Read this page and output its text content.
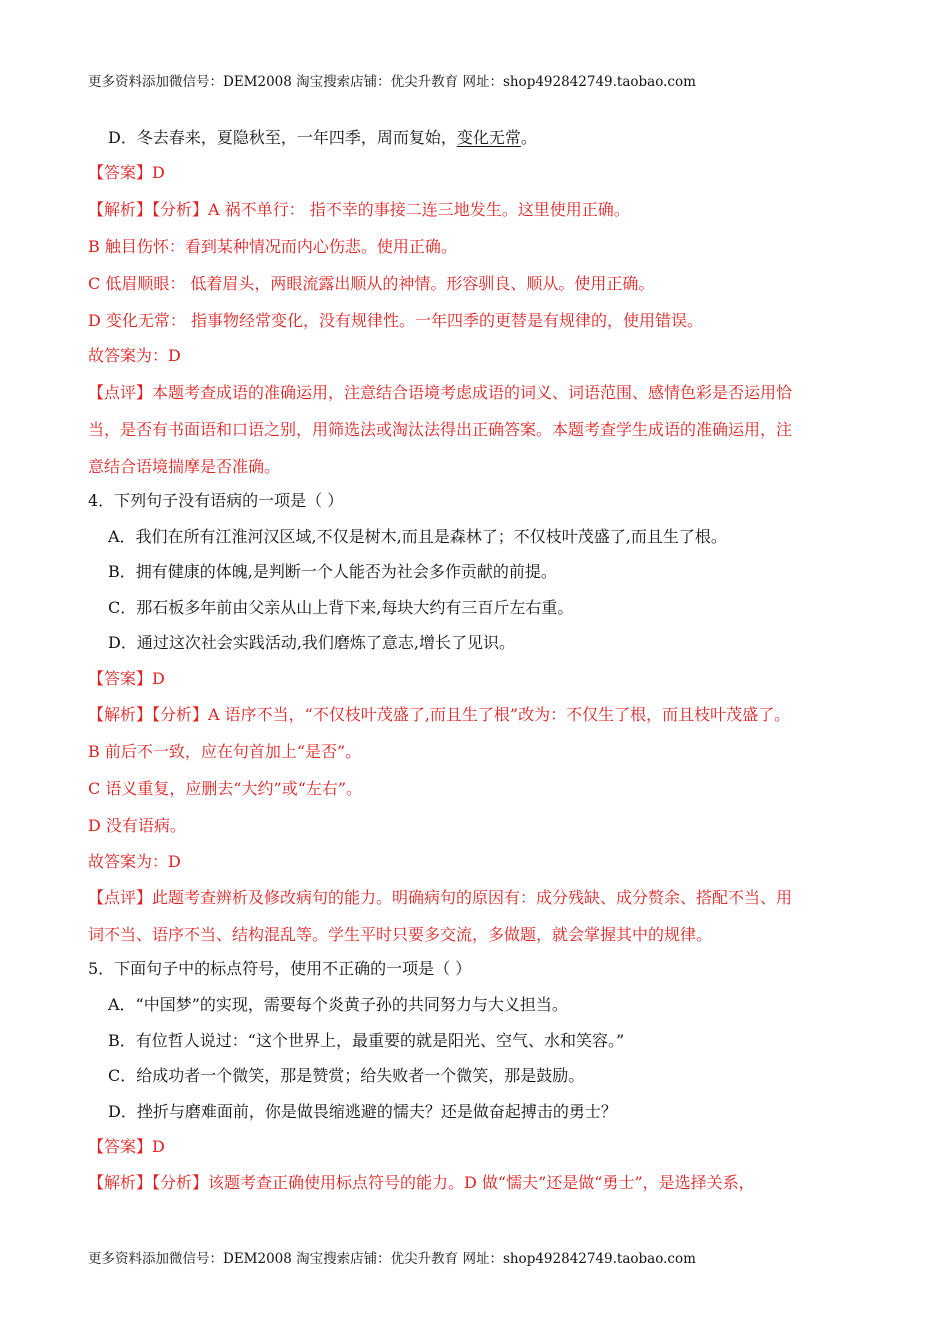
更多资料添加微信号：DEM2008 淘宝搜索店铺：优尖升教育 网址：shop492842749.taobao.com
D．冬去春来，夏隐秋至，一年四季，周而复始，变化无常。
【答案】D
【解析】【分析】A 祸不单行： 指不幸的事接二连三地发生。这里使用正确。
B 触目伤怀：看到某种情况而内心伤悲。使用正确。
C 低眉顺眼： 低着眉头，两眼流露出顺从的神情。形容驯良、顺从。使用正确。
D 变化无常： 指事物经常变化，没有规律性。一年四季的更替是有规律的，使用错误。
故答案为：D
【点评】本题考查成语的准确运用，注意结合语境考虑成语的词义、词语范围、感情色彩是否运用恰
当，是否有书面语和口语之别，用筛选法或淘汰法得出正确答案。本题考查学生成语的准确运用，注
意结合语境揣摩是否准确。
4．下列句子没有语病的一项是（ ）
A．我们在所有江淮河汉区域,不仅是树木,而且是森林了；不仅枝叶茂盛了,而且生了根。
B．拥有健康的体魄,是判断一个人能否为社会多作贡献的前提。
C．那石板多年前由父亲从山上背下来,每块大约有三百斤左右重。
D．通过这次社会实践活动,我们磨炼了意志,增长了见识。
【答案】D
【解析】【分析】A 语序不当，“不仅枝叶茂盛了,而且生了根”改为：不仅生了根，而且枝叶茂盛了。
B 前后不一致，应在句首加上“是否”。
C 语义重复，应删去“大约”或“左右”。
D 没有语病。
故答案为：D
【点评】此题考查辨析及修改病句的能力。明确病句的原因有：成分残缺、成分赘余、搭配不当、用
词不当、语序不当、结构混乱等。学生平时只要多交流，多做题，就会掌握其中的规律。
5．下面句子中的标点符号，使用不正确的一项是（ ）
A．“中国梦”的实现，需要每个炎黄子孙的共同努力与大义担当。
B．有位哲人说过：“这个世界上，最重要的就是阳光、空气、水和笑容。”
C．给成功者一个微笑，那是赞赏；给失败者一个微笑，那是鼓励。
D．挫折与磨难面前，你是做畏缩逃避的懦夫？还是做奋起搏击的勇士？
【答案】D
【解析】【分析】该题考查正确使用标点符号的能力。D 做“懦夫”还是做“勇士”，是选择关系，
更多资料添加微信号：DEM2008 淘宝搜索店铺：优尖升教育 网址：shop492842749.taobao.com
